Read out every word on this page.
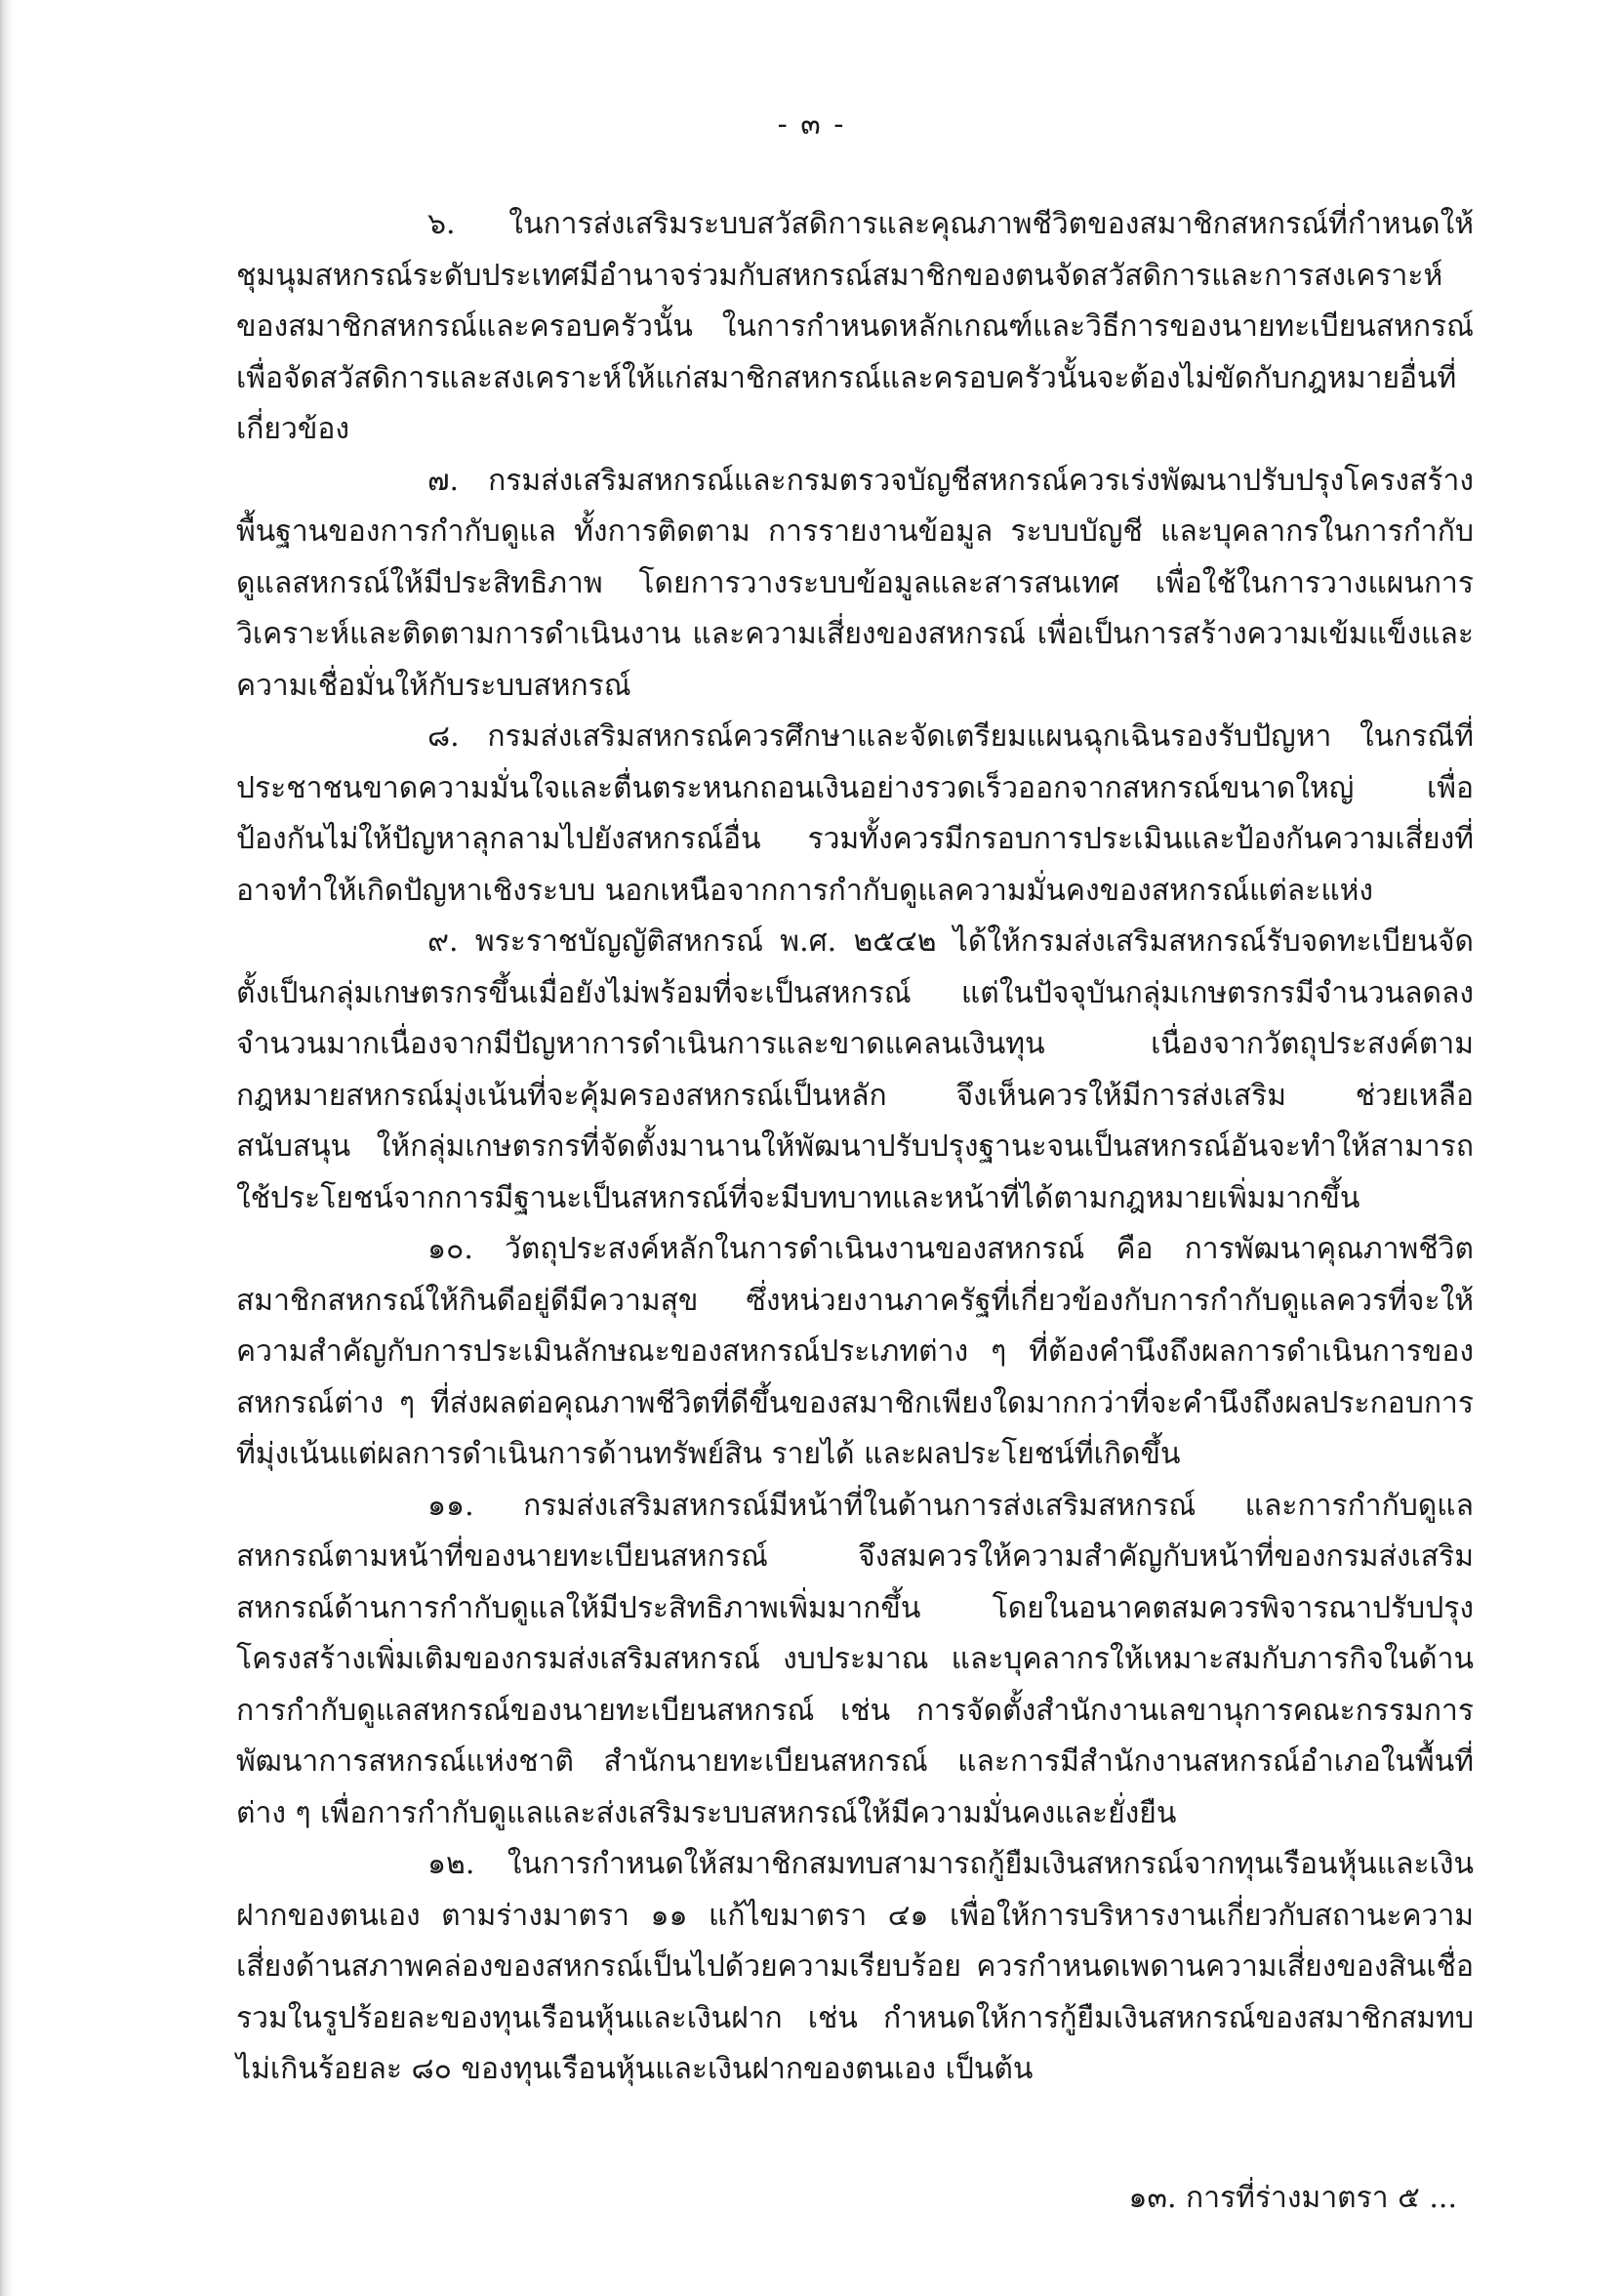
- ๓ -

๖. ในการส่งเสริมระบบสวัสดิการและคุณภาพชีวิตของสมาชิกสหกรณ์ที่กำหนดให้ชุมนุมสหกรณ์ระดับประเทศมีอำนาจร่วมกับสหกรณ์สมาชิกของตนจัดสวัสดิการและการสงเคราะห์ของสมาชิกสหกรณ์และครอบครัวนั้น ในการกำหนดหลักเกณฑ์และวิธีการของนายทะเบียนสหกรณ์เพื่อจัดสวัสดิการและสงเคราะห์ให้แก่สมาชิกสหกรณ์และครอบครัวนั้นจะต้องไม่ขัดกับกฎหมายอื่นที่เกี่ยวข้อง

๗. กรมส่งเสริมสหกรณ์และกรมตรวจบัญชีสหกรณ์ควรเร่งพัฒนาปรับปรุงโครงสร้างพื้นฐานของการกำกับดูแล ทั้งการติดตาม การรายงานข้อมูล ระบบบัญชี และบุคลากรในการกำกับดูแลสหกรณ์ให้มีประสิทธิภาพ โดยการวางระบบข้อมูลและสารสนเทศ เพื่อใช้ในการวางแผนการวิเคราะห์และติดตามการดำเนินงาน และความเสี่ยงของสหกรณ์ เพื่อเป็นการสร้างความเข้มแข็งและความเชื่อมั่นให้กับระบบสหกรณ์

๘. กรมส่งเสริมสหกรณ์ควรศึกษาและจัดเตรียมแผนฉุกเฉินรองรับปัญหา ในกรณีที่ประชาชนขาดความมั่นใจและตื่นตระหนกถอนเงินอย่างรวดเร็วออกจากสหกรณ์ขนาดใหญ่ เพื่อป้องกันไม่ให้ปัญหาลุกลามไปยังสหกรณ์อื่น รวมทั้งควรมีกรอบการประเมินและป้องกันความเสี่ยงที่อาจทำให้เกิดปัญหาเชิงระบบ นอกเหนือจากการกำกับดูแลความมั่นคงของสหกรณ์แต่ละแห่ง

๙. พระราชบัญญัติสหกรณ์ พ.ศ. ๒๕๔๒ ได้ให้กรมส่งเสริมสหกรณ์รับจดทะเบียนจัดตั้งเป็นกลุ่มเกษตรกรขึ้นเมื่อยังไม่พร้อมที่จะเป็นสหกรณ์ แต่ในปัจจุบันกลุ่มเกษตรกรมีจำนวนลดลงจำนวนมากเนื่องจากมีปัญหาการดำเนินการและขาดแคลนเงินทุน เนื่องจากวัตถุประสงค์ตามกฎหมายสหกรณ์มุ่งเน้นที่จะคุ้มครองสหกรณ์เป็นหลัก จึงเห็นควรให้มีการส่งเสริม ช่วยเหลือ สนับสนุน ให้กลุ่มเกษตรกรที่จัดตั้งมานานให้พัฒนาปรับปรุงฐานะจนเป็นสหกรณ์อันจะทำให้สามารถใช้ประโยชน์จากการมีฐานะเป็นสหกรณ์ที่จะมีบทบาทและหน้าที่ได้ตามกฎหมายเพิ่มมากขึ้น

๑๐. วัตถุประสงค์หลักในการดำเนินงานของสหกรณ์ คือ การพัฒนาคุณภาพชีวิตสมาชิกสหกรณ์ให้กินดีอยู่ดีมีความสุข ซึ่งหน่วยงานภาครัฐที่เกี่ยวข้องกับการกำกับดูแลควรที่จะให้ความสำคัญกับการประเมินลักษณะของสหกรณ์ประเภทต่าง ๆ ที่ต้องคำนึงถึงผลการดำเนินการของสหกรณ์ต่าง ๆ ที่ส่งผลต่อคุณภาพชีวิตที่ดีขึ้นของสมาชิกเพียงใดมากกว่าที่จะคำนึงถึงผลประกอบการที่มุ่งเน้นแต่ผลการดำเนินการด้านทรัพย์สิน รายได้ และผลประโยชน์ที่เกิดขึ้น

๑๑. กรมส่งเสริมสหกรณ์มีหน้าที่ในด้านการส่งเสริมสหกรณ์ และการกำกับดูแลสหกรณ์ตามหน้าที่ของนายทะเบียนสหกรณ์ จึงสมควรให้ความสำคัญกับหน้าที่ของกรมส่งเสริมสหกรณ์ด้านการกำกับดูแลให้มีประสิทธิภาพเพิ่มมากขึ้น โดยในอนาคตสมควรพิจารณาปรับปรุงโครงสร้างเพิ่มเติมของกรมส่งเสริมสหกรณ์ งบประมาณ และบุคลากรให้เหมาะสมกับภารกิจในด้านการกำกับดูแลสหกรณ์ของนายทะเบียนสหกรณ์ เช่น การจัดตั้งสำนักงานเลขานุการคณะกรรมการพัฒนาการสหกรณ์แห่งชาติ สำนักนายทะเบียนสหกรณ์ และการมีสำนักงานสหกรณ์อำเภอในพื้นที่ต่าง ๆ เพื่อการกำกับดูแลและส่งเสริมระบบสหกรณ์ให้มีความมั่นคงและยั่งยืน

๑๒. ในการกำหนดให้สมาชิกสมทบสามารถกู้ยืมเงินสหกรณ์จากทุนเรือนหุ้นและเงินฝากของตนเอง ตามร่างมาตรา ๑๑ แก้ไขมาตรา ๔๑ เพื่อให้การบริหารงานเกี่ยวกับสถานะความเสี่ยงด้านสภาพคล่องของสหกรณ์เป็นไปด้วยความเรียบร้อย ควรกำหนดเพดานความเสี่ยงของสินเชื่อรวมในรูปร้อยละของทุนเรือนหุ้นและเงินฝาก เช่น กำหนดให้การกู้ยืมเงินสหกรณ์ของสมาชิกสมทบไม่เกินร้อยละ ๘๐ ของทุนเรือนหุ้นและเงินฝากของตนเอง เป็นต้น

๑๓. การที่ร่างมาตรา ๕ ...
